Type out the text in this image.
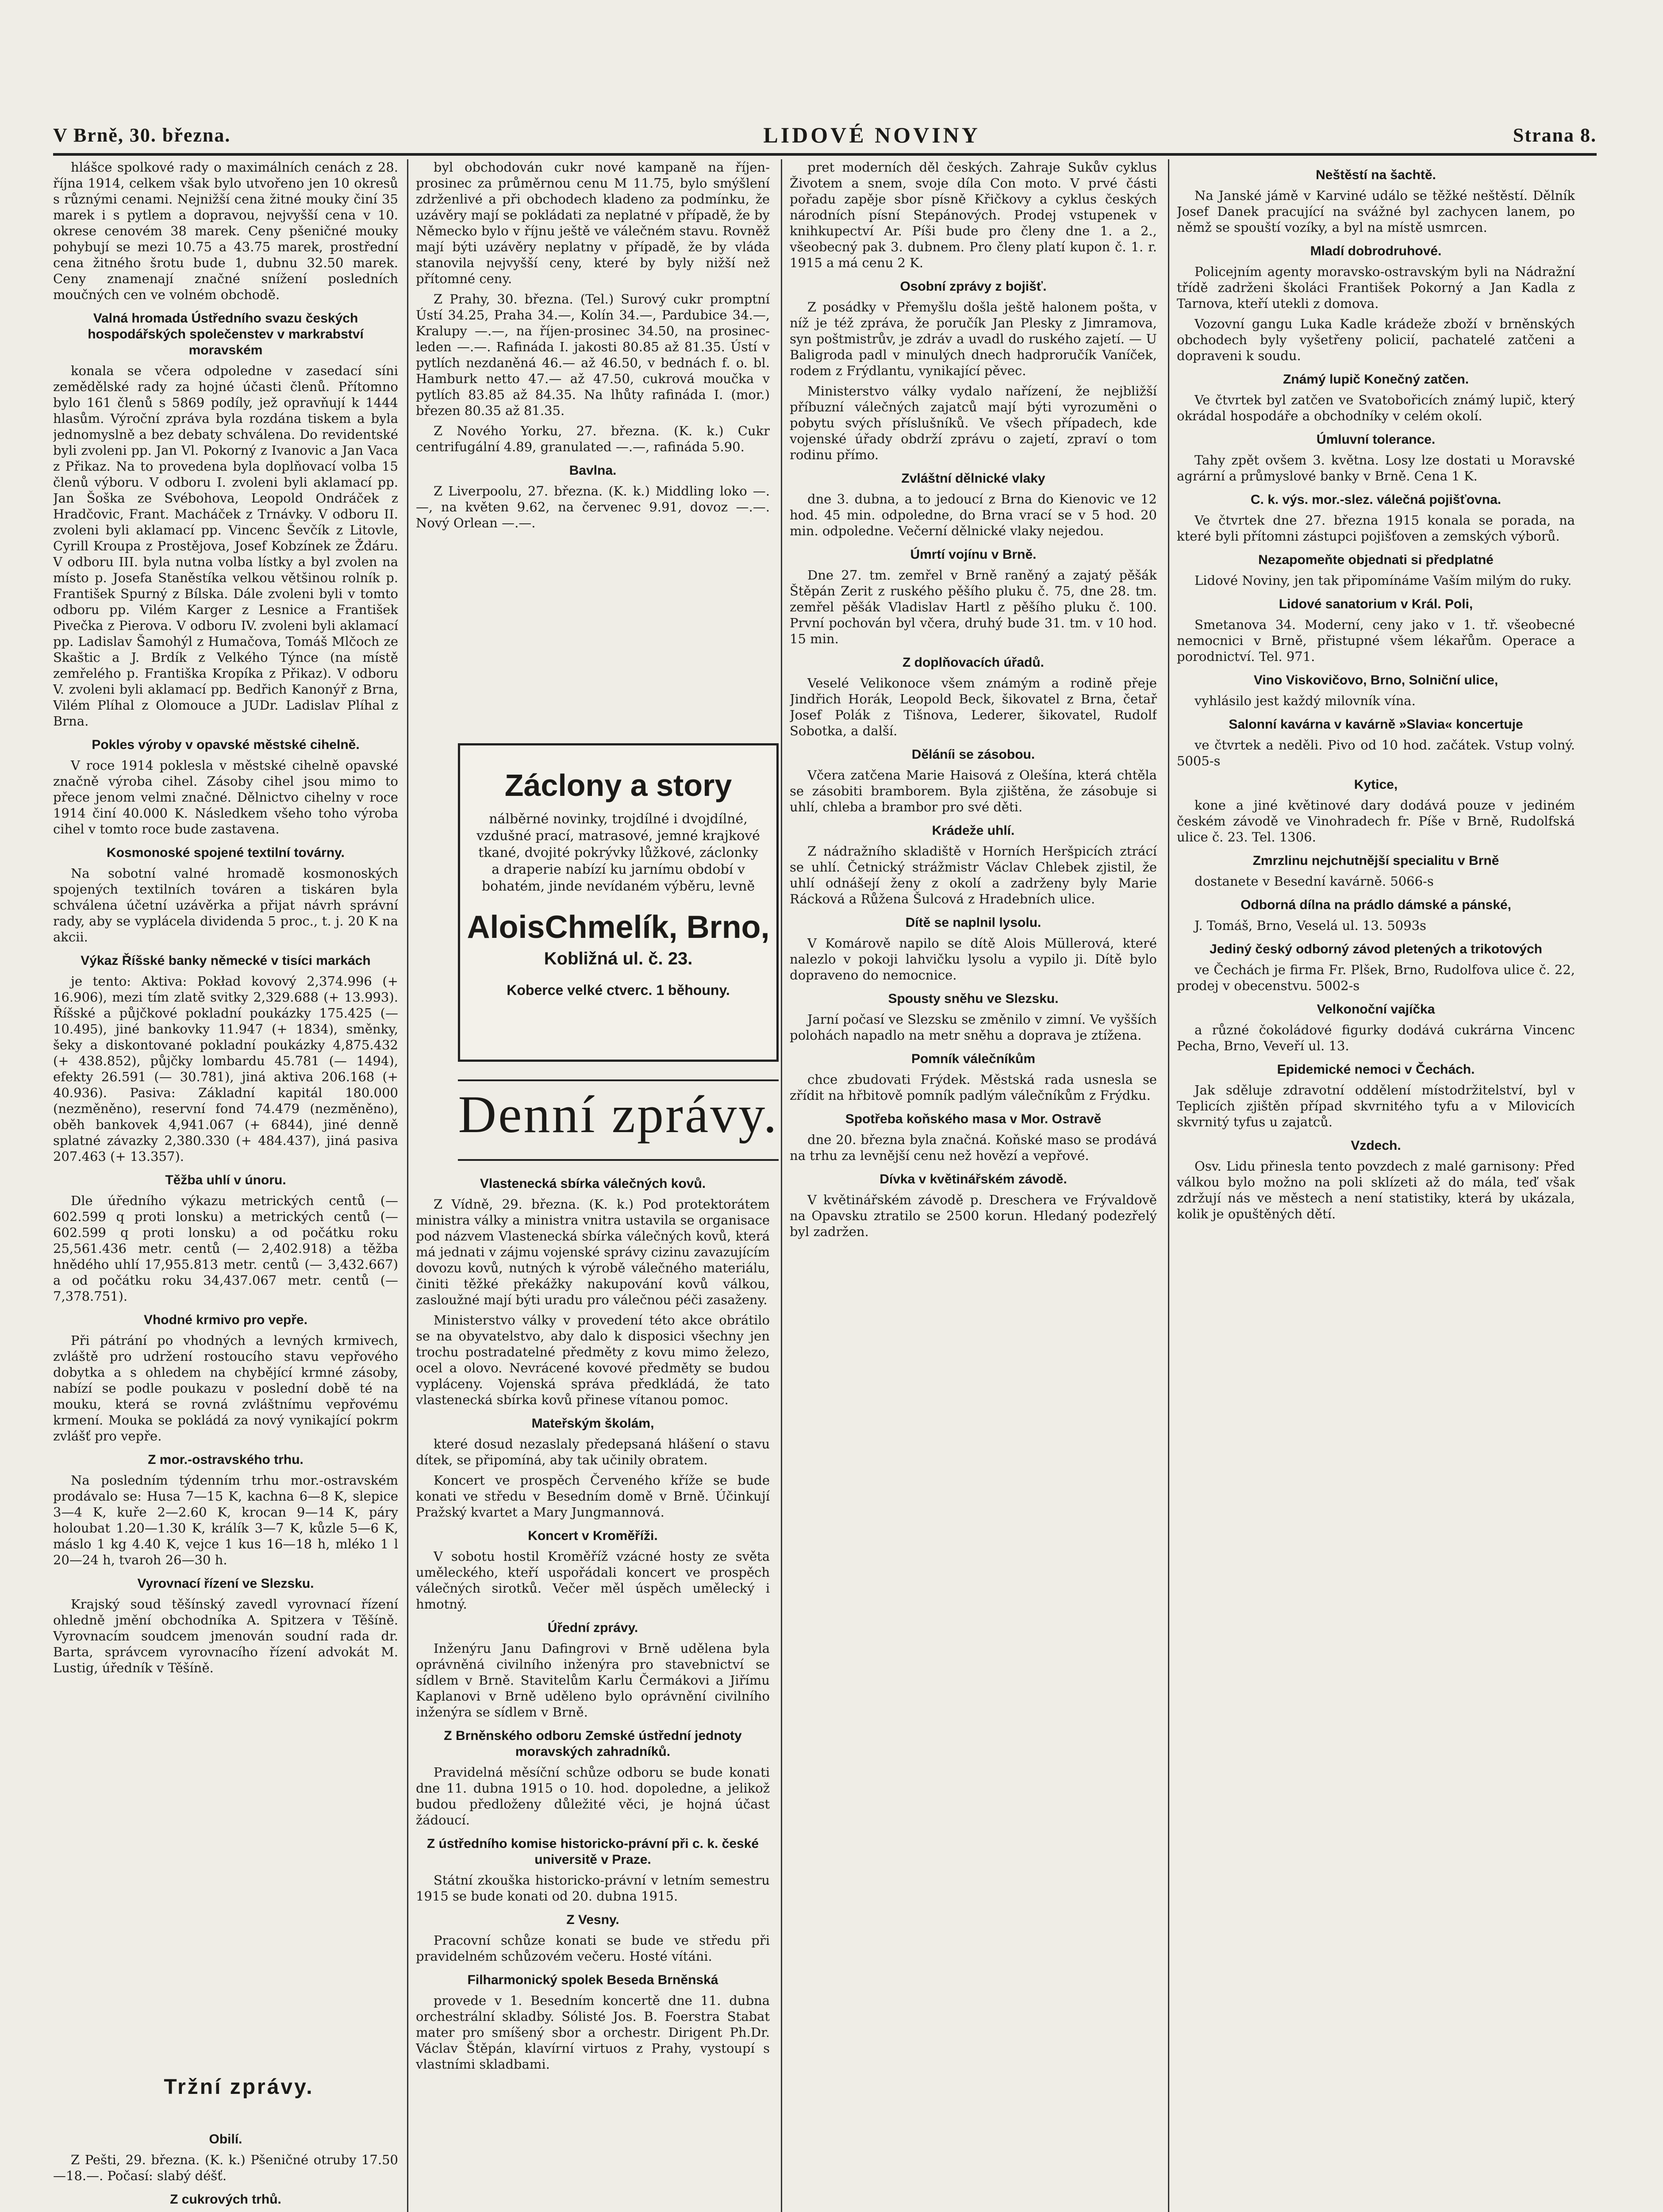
V Brně, 30. března.	LIDOVÉ NOVINY	Strana 8.

hlášce spolkové rady o maximálních cenách z 28. října 1914, celkem však bylo utvořeno jen 10 okresů s různými cenami. Nejnižší cena žitné mouky činí 35 marek i s pytlem a dopravou, nejvyšší cena v 10. okrese cenovém 38 marek. Ceny pšeničné mouky pohybují se mezi 10.75 a 43.75 marek, prostřední cena žitného šrotu bude 1, dubnu 32.50 marek. Ceny znamenají značné snížení posledních moučných cen ve volném obchodě.

Valná hromada Ústředního svazu českých hospodářských společenstev v markrabství moravském

konala se včera odpoledne v zasedací síni zemědělské rady za hojné účasti členů. Přítomno bylo 161 členů s 5869 podíly, jež opravňují k 1444 hlasům. Výroční zpráva byla rozdána tiskem a byla jednomyslně a bez debaty schválena. Do revidentské byli zvoleni pp. Jan Vl. Pokorný z Ivanovic a Jan Vaca z Přikaz. Na to provedena byla doplňovací volba 15 členů výboru. V odboru I. zvoleni byli aklamací pp. Jan Šoška ze Svébohova, Leopold Ondráček z Hradčovic, Frant. Macháček z Trnávky. V odboru II. zvoleni byli aklamací pp. Vincenc Ševčík z Litovle, Cyrill Kroupa z Prostějova, Josef Kobzínek ze Ždáru. V odboru III. byla nutna volba lístky a byl zvolen na místo p. Josefa Staněstíka velkou většinou rolník p. František Spurný z Bílska. Dále zvoleni byli v tomto odboru pp. Vilém Karger z Lesnice a František Pivečka z Pierova. V odboru IV. zvoleni byli aklamací pp. Ladislav Šamohýl z Humačova, Tomáš Mlčoch ze Skaštic a J. Brdík z Velkého Týnce (na místě zemřelého p. Františka Kropíka z Přikaz). V odboru V. zvoleni byli aklamací pp. Bedřich Kanonýř z Brna, Vilém Plíhal z Olomouce a JUDr. Ladislav Plíhal z Brna.

Pokles výroby v opavské městské cihelně.

V roce 1914 poklesla v městské cihelně opavské značně výroba cihel. Zásoby cihel jsou mimo to přece jenom velmi značné. Dělnictvo cihelny v roce 1914 činí 40.000 K. Následkem všeho toho výroba cihel v tomto roce bude zastavena.

Kosmonoské spojené textilní továrny.

Na sobotní valné hromadě kosmonoských spojených textilních továren a tiskáren byla schválena účetní uzávěrka a přijat návrh správní rady, aby se vyplácela dividenda 5 proc., t. j. 20 K na akcii.

Výkaz Říšské banky německé v tisíci markách

je tento: Aktiva: Pokład kovový 2,374.996 (+ 16.906), mezi tím zlatě svitky 2,329.688 (+ 13.993). Říšské a půjčkové pokladní poukázky 175.425 (— 10.495), jiné bankovky 11.947 (+ 1834), směnky, šeky a diskontované pokladní poukázky 4,875.432 (+ 438.852), půjčky lombardu 45.781 (— 1494), efekty 26.591 (— 30.781), jiná aktiva 206.168 (+ 40.936). Pasiva: Základní kapitál 180.000 (nezměněno), reservní fond 74.479 (nezměněno), oběh bankovek 4,941.067 (+ 6844), jiné denně splatné závazky 2,380.330 (+ 484.437), jiná pasiva 207.463 (+ 13.357).

Těžba uhlí v únoru.

Dle úředního výkazu metrických centů (— 602.599 q proti lonsku) a metrických centů (— 602.599 q proti lonsku) a od počátku roku 25,561.436 metr. centů (— 2,402.918) a těžba hnědého uhlí 17,955.813 metr. centů (— 3,432.667) a od počátku roku 34,437.067 metr. centů (— 7,378.751).

Vhodné krmivo pro vepře.

Při pátrání po vhodných a levných krmivech, zvláště pro udržení rostoucího stavu vepřového dobytka a s ohledem na chybějící krmné zásoby, nabízí se podle poukazu v poslední době té na mouku, která se rovná zvláštnímu vepřovému krmení. Mouka se pokládá za nový vynikající pokrm zvlášť pro vepře.

Z mor.-ostravského trhu.

Na posledním týdenním trhu mor.-ostravském prodávalo se: Husa 7—15 K, kachna 6—8 K, slepice 3—4 K, kuře 2—2.60 K, krocan 9—14 K, páry holoubat 1.20—1.30 K, králík 3—7 K, kůzle 5—6 K, máslo 1 kg 4.40 K, vejce 1 kus 16—18 h, mléko 1 l 20—24 h, tvaroh 26—30 h.

Vyrovnací řízení ve Slezsku.

Krajský soud těšínský zavedl vyrovnací řízení ohledně jmění obchodníka A. Spitzera v Těšíně. Vyrovnacím soudcem jmenován soudní rada dr. Barta, správcem vyrovnacího řízení advokát M. Lustig, úředník v Těšíně.

Tržní zprávy.

Obilí.

Z Pešti, 29. března. (K. k.) Pšeničné otruby 17.50—18.—. Počasí: slabý déšť.

Z cukrových trhů.

byl obchodován cukr nové kampaně na říjen-prosinec za průměrnou cenu M 11.75, bylo smýšlení zdrženlivé a při obchodech kladeno za podmínku, že uzávěry mají se pokládati za neplatné v případě, že by Německo bylo v říjnu ještě ve válečném stavu. Rovněž mají býti uzávěry neplatny v případě, že by vláda stanovila nejvyšší ceny, které by byly nižší než přítomné ceny.

Z Prahy, 30. března. (Tel.) Surový cukr promptní Ústí 34.25, Praha 34.—, Kolín 34.—, Pardubice 34.—, Kralupy —.—, na říjen-prosinec 34.50, na prosinec-leden —.—. Rafináda I. jakosti 80.85 až 81.35. Ústí v pytlích nezdaněná 46.— až 46.50, v bednách f. o. bl. Hamburk netto 47.— až 47.50, cukrová moučka v pytlích 83.85 až 84.35. Na lhůty rafináda I. (mor.) březen 80.35 až 81.35.

Z Nového Yorku, 27. března. (K. k.) Cukr centrifugální 4.89, granulated —.—, rafináda 5.90.

Bavlna.

Z Liverpoolu, 27. března. (K. k.) Middling loko —.—, na květen 9.62, na červenec 9.91, dovoz —.—. Nový Orlean —.—.

Záclony a story
nálběrné novinky, trojdílné i dvojdílné, vzdušné prací, matrasové, jemné krajkové tkané, dvojité pokrývky lůžkové, záclonky a draperie nabízí ku jarnímu období v bohatém, jinde nevídaném výběru, levně
AloisChmelík, Brno,
Kobližná ul. č. 23.
Koberce velké ctverc. 1 běhouny.
Denní zprávy.

Vlastenecká sbírka válečných kovů.

Z Vídně, 29. března. (K. k.) Pod protektorátem ministra války a ministra vnitra ustavila se organisace pod názvem Vlastenecká sbírka válečných kovů, která má jednati v zájmu vojenské správy cizinu zavazujícím dovozu kovů, nutných k výrobě válečného materiálu, činiti těžké překážky nakupování kovů válkou, zasloužné mají býti uradu pro válečnou péči zasaženy.

Ministerstvo války v provedení této akce obrátilo se na obyvatelstvo, aby dalo k disposici všechny jen trochu postradatelné předměty z kovu mimo železo, ocel a olovo. Nevrácené kovové předměty se budou vypláceny. Vojenská správa předkládá, že tato vlastenecká sbírka kovů přinese vítanou pomoc.

Mateřským školám,

které dosud nezaslaly předepsaná hlášení o stavu dítek, se připomíná, aby tak učinily obratem.

Koncert ve prospěch Červeného kříže se bude konati ve středu v Besedním domě v Brně. Účinkují Pražský kvartet a Mary Jungmannová.

Koncert v Kroměříži.

V sobotu hostil Kroměříž vzácné hosty ze světa uměleckého, kteří uspořádali koncert ve prospěch válečných sirotků. Večer měl úspěch umělecký i hmotný.

Úřední zprávy.

Inženýru Janu Dafingrovi v Brně udělena byla oprávněná civilního inženýra pro stavebnictví se sídlem v Brně. Stavitelům Karlu Čermákovi a Jiřímu Kaplanovi v Brně uděleno bylo oprávnění civilního inženýra se sídlem v Brně.

Z Brněnského odboru Zemské ústřední jednoty moravských zahradníků.

Pravidelná měsíční schůze odboru se bude konati dne 11. dubna 1915 o 10. hod. dopoledne, a jelikož budou předloženy důležité věci, je hojná účast žádoucí.

Z ústředního komise historicko-právní při c. k. české universitě v Praze.

Státní zkouška historicko-právní v letním semestru 1915 se bude konati od 20. dubna 1915.

Z Vesny.

Pracovní schůze konati se bude ve středu při pravidelném schůzovém večeru. Hosté vítáni.

Filharmonický spolek Beseda Brněnská

provede v 1. Besedním koncertě dne 11. dubna orchestrální skladby. Sólisté Jos. B. Foerstra Stabat mater pro smíšený sbor a orchestr. Dirigent Ph.Dr. Václav Štěpán, klavírní virtuos z Prahy, vystoupí s vlastními skladbami.

pret moderních děl českých. Zahraje Sukův cyklus Životem a snem, svoje díla Con moto. V prvé části pořadu zapěje sbor písně Křičkovy a cyklus českých národních písní Stepánových. Prodej vstupenek v knihkupectví Ar. Píši bude pro členy dne 1. a 2., všeobecný pak 3. dubnem. Pro členy platí kupon č. 1. r. 1915 a má cenu 2 K.

Osobní zprávy z bojišť.

Z posádky v Přemyšlu došla ještě halonem pošta, v níž je též zpráva, že poručík Jan Plesky z Jimramova, syn poštmistrův, je zdráv a uvadl do ruského zajetí. — U Baligroda padl v minulých dnech hadproručík Vaníček, rodem z Frýdlantu, vynikající pěvec.

Ministerstvo války vydalo nařízení, že nejbližší příbuzní válečných zajatců mají býti vyrozuměni o pobytu svých příslušníků. Ve všech případech, kde vojenské úřady obdrží zprávu o zajetí, zpraví o tom rodinu přímo.

Zvláštní dělnické vlaky

dne 3. dubna, a to jedoucí z Brna do Kienovic ve 12 hod. 45 min. odpoledne, do Brna vrací se v 5 hod. 20 min. odpoledne. Večerní dělnické vlaky nejedou.

Úmrtí vojínu v Brně.

Dne 27. tm. zemřel v Brně raněný a zajatý pěšák Štěpán Zerit z ruského pěšího pluku č. 75, dne 28. tm. zemřel pěšák Vladislav Hartl z pěšího pluku č. 100. První pochován byl včera, druhý bude 31. tm. v 10 hod. 15 min.

Z doplňovacích úřadů.

Veselé Velikonoce všem známým a rodině přeje Jindřich Horák, Leopold Beck, šikovatel z Brna, četař Josef Polák z Tišnova, Lederer, šikovatel, Rudolf Sobotka, a další.

Děláníi se zásobou.

Včera zatčena Marie Haisová z Olešína, která chtěla se zásobiti bramborem. Byla zjištěna, že zásobuje si uhlí, chleba a brambor pro své děti.

Krádeže uhlí.

Z nádražního skladiště v Horních Heršpicích ztrácí se uhlí. Četnický strážmistr Václav Chlebek zjistil, že uhlí odnášejí ženy z okolí a zadrženy byly Marie Rácková a Růžena Šulcová z Hradebních ulice.

Dítě se naplnil lysolu.

V Komárově napilo se dítě Alois Müllerová, které nalezlo v pokoji lahvičku lysolu a vypilo ji. Dítě bylo dopraveno do nemocnice.

Spousty sněhu ve Slezsku.

Jarní počasí ve Slezsku se změnilo v zimní. Ve vyšších polohách napadlo na metr sněhu a doprava je ztížena.

Pomník válečníkům

chce zbudovati Frýdek. Městská rada usnesla se zřídit na hřbitově pomník padlým válečníkům z Frýdku.

Spotřeba koňského masa v Mor. Ostravě

dne 20. března byla značná. Koňské maso se prodává na trhu za levnější cenu než hovězí a vepřové.

Dívka v květinářském závodě.

V květinářském závodě p. Dreschera ve Frývaldově na Opavsku ztratilo se 2500 korun. Hledaný podezřelý byl zadržen.

Neštěstí na šachtě.

Na Janské jámě v Karviné událo se těžké neštěstí. Dělník Josef Danek pracující na svážné byl zachycen lanem, po němž se spouští vozíky, a byl na místě usmrcen.

Mladí dobrodruhové.

Policejním agenty moravsko-ostravským byli na Nádražní třídě zadrženi školáci František Pokorný a Jan Kadla z Tarnova, kteří utekli z domova.

Vozovní gangu Luka Kadle krádeže zboží v brněnských obchodech byly vyšetřeny policií, pachatelé zatčeni a dopraveni k soudu.

Známý lupič Konečný zatčen.

Ve čtvrtek byl zatčen ve Svatobořicích známý lupič, který okrádal hospodáře a obchodníky v celém okolí.

Úmluvní tolerance.

Tahy zpět ovšem 3. května. Losy lze dostati u Moravské agrární a průmyslové banky v Brně. Cena 1 K.

C. k. výs. mor.-slez. válečná pojišťovna.

Ve čtvrtek dne 27. března 1915 konala se porada, na které byli přítomni zástupci pojišťoven a zemských výborů.

Nezapomeňte objednati si předplatné

Lidové Noviny, jen tak připomínáme Vaším milým do ruky.

Lidové sanatorium v Král. Poli,

Smetanova 34. Moderní, ceny jako v 1. tř. všeobecné nemocnici v Brně, přistupné všem lékařům. Operace a porodnictví. Tel. 971.

Vino Viskovičovo, Brno, Solniční ulice,

vyhlásilo jest každý milovník vína.

Salonní kavárna v kavárně »Slavia« koncertuje

ve čtvrtek a neděli. Pivo od 10 hod. začátek. Vstup volný. 5005-s

Kytice,

kone a jiné květinové dary dodává pouze v jediném českém závodě ve Vinohradech fr. Píše v Brně, Rudolfská ulice č. 23. Tel. 1306.

Zmrzlinu nejchutnější specialitu v Brně

dostanete v Besední kavárně. 5066-s

Odborná dílna na prádlo dámské a pánské,

J. Tomáš, Brno, Veselá ul. 13. 5093s

Jediný český odborný závod pletených a trikotových

ve Čechách je firma Fr. Plšek, Brno, Rudolfova ulice č. 22, prodej v obecenstvu. 5002-s

Velkonoční vajíčka

a různé čokoládové figurky dodává cukrárna Vincenc Pecha, Brno, Veveří ul. 13.

Epidemické nemoci v Čechách.

Jak sděluje zdravotní oddělení místodržitelství, byl v Teplicích zjištěn případ skvrnitého tyfu a v Milovicích skvrnitý tyfus u zajatců.

Vzdech.

Osv. Lidu přinesla tento povzdech z malé garnisony: Před válkou bylo možno na poli sklízeti až do mála, teď však zdržují nás ve městech a není statistiky, která by ukázala, kolik je opuštěných dětí.
